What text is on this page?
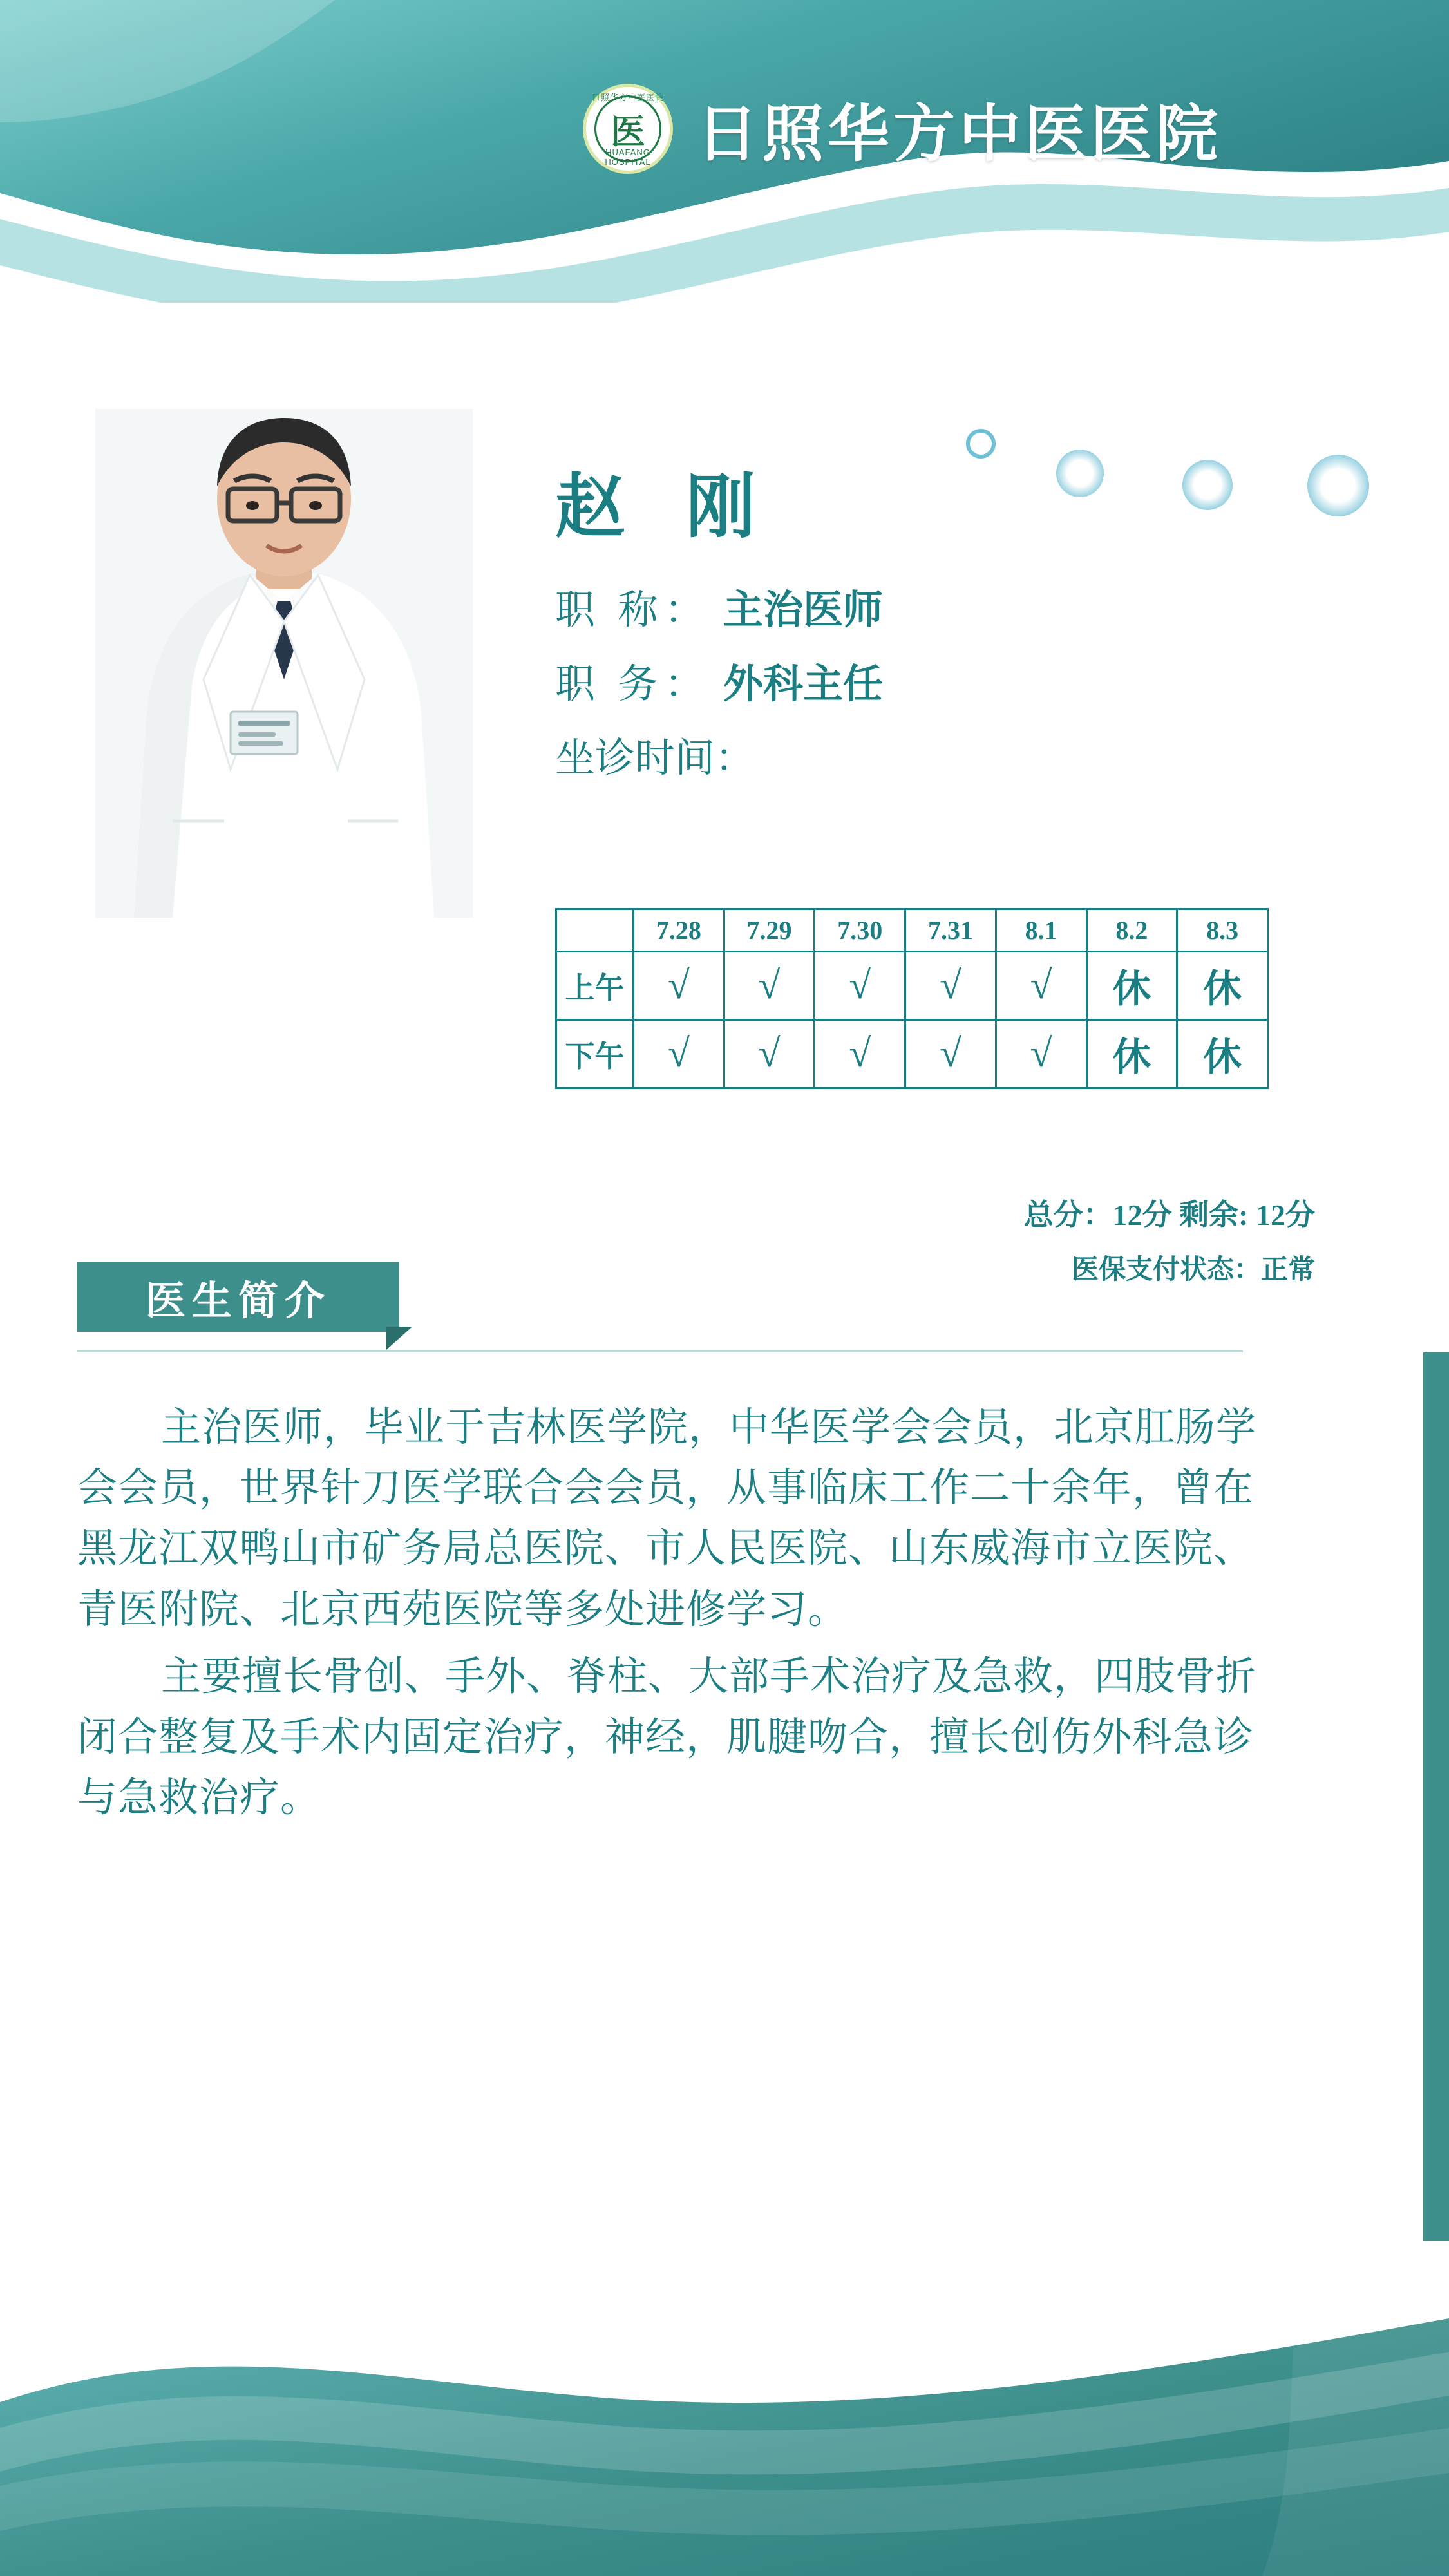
日照华方中医医院
医
HUAFANG HOSPITAL 日照华方中医医院
赵 刚
职 称： 主治医师
职 务： 外科主任
坐诊时间：
	7.28	7.29	7.30	7.31	8.1	8.2	8.3
上午	√	√	√	√	√	休	休
下午	√	√	√	√	√	休	休
总分：12分 剩余: 12分
医保支付状态：正常
医生简介

主治医师，毕业于吉林医学院，中华医学会会员，北京肛肠学会会员，世界针刀医学联合会会员，从事临床工作二十余年，曾在黑龙江双鸭山市矿务局总医院、市人民医院、山东威海市立医院、青医附院、北京西苑医院等多处进修学习。

主要擅长骨创、手外、脊柱、大部手术治疗及急救，四肢骨折闭合整复及手术内固定治疗，神经，肌腱吻合，擅长创伤外科急诊与急救治疗。
